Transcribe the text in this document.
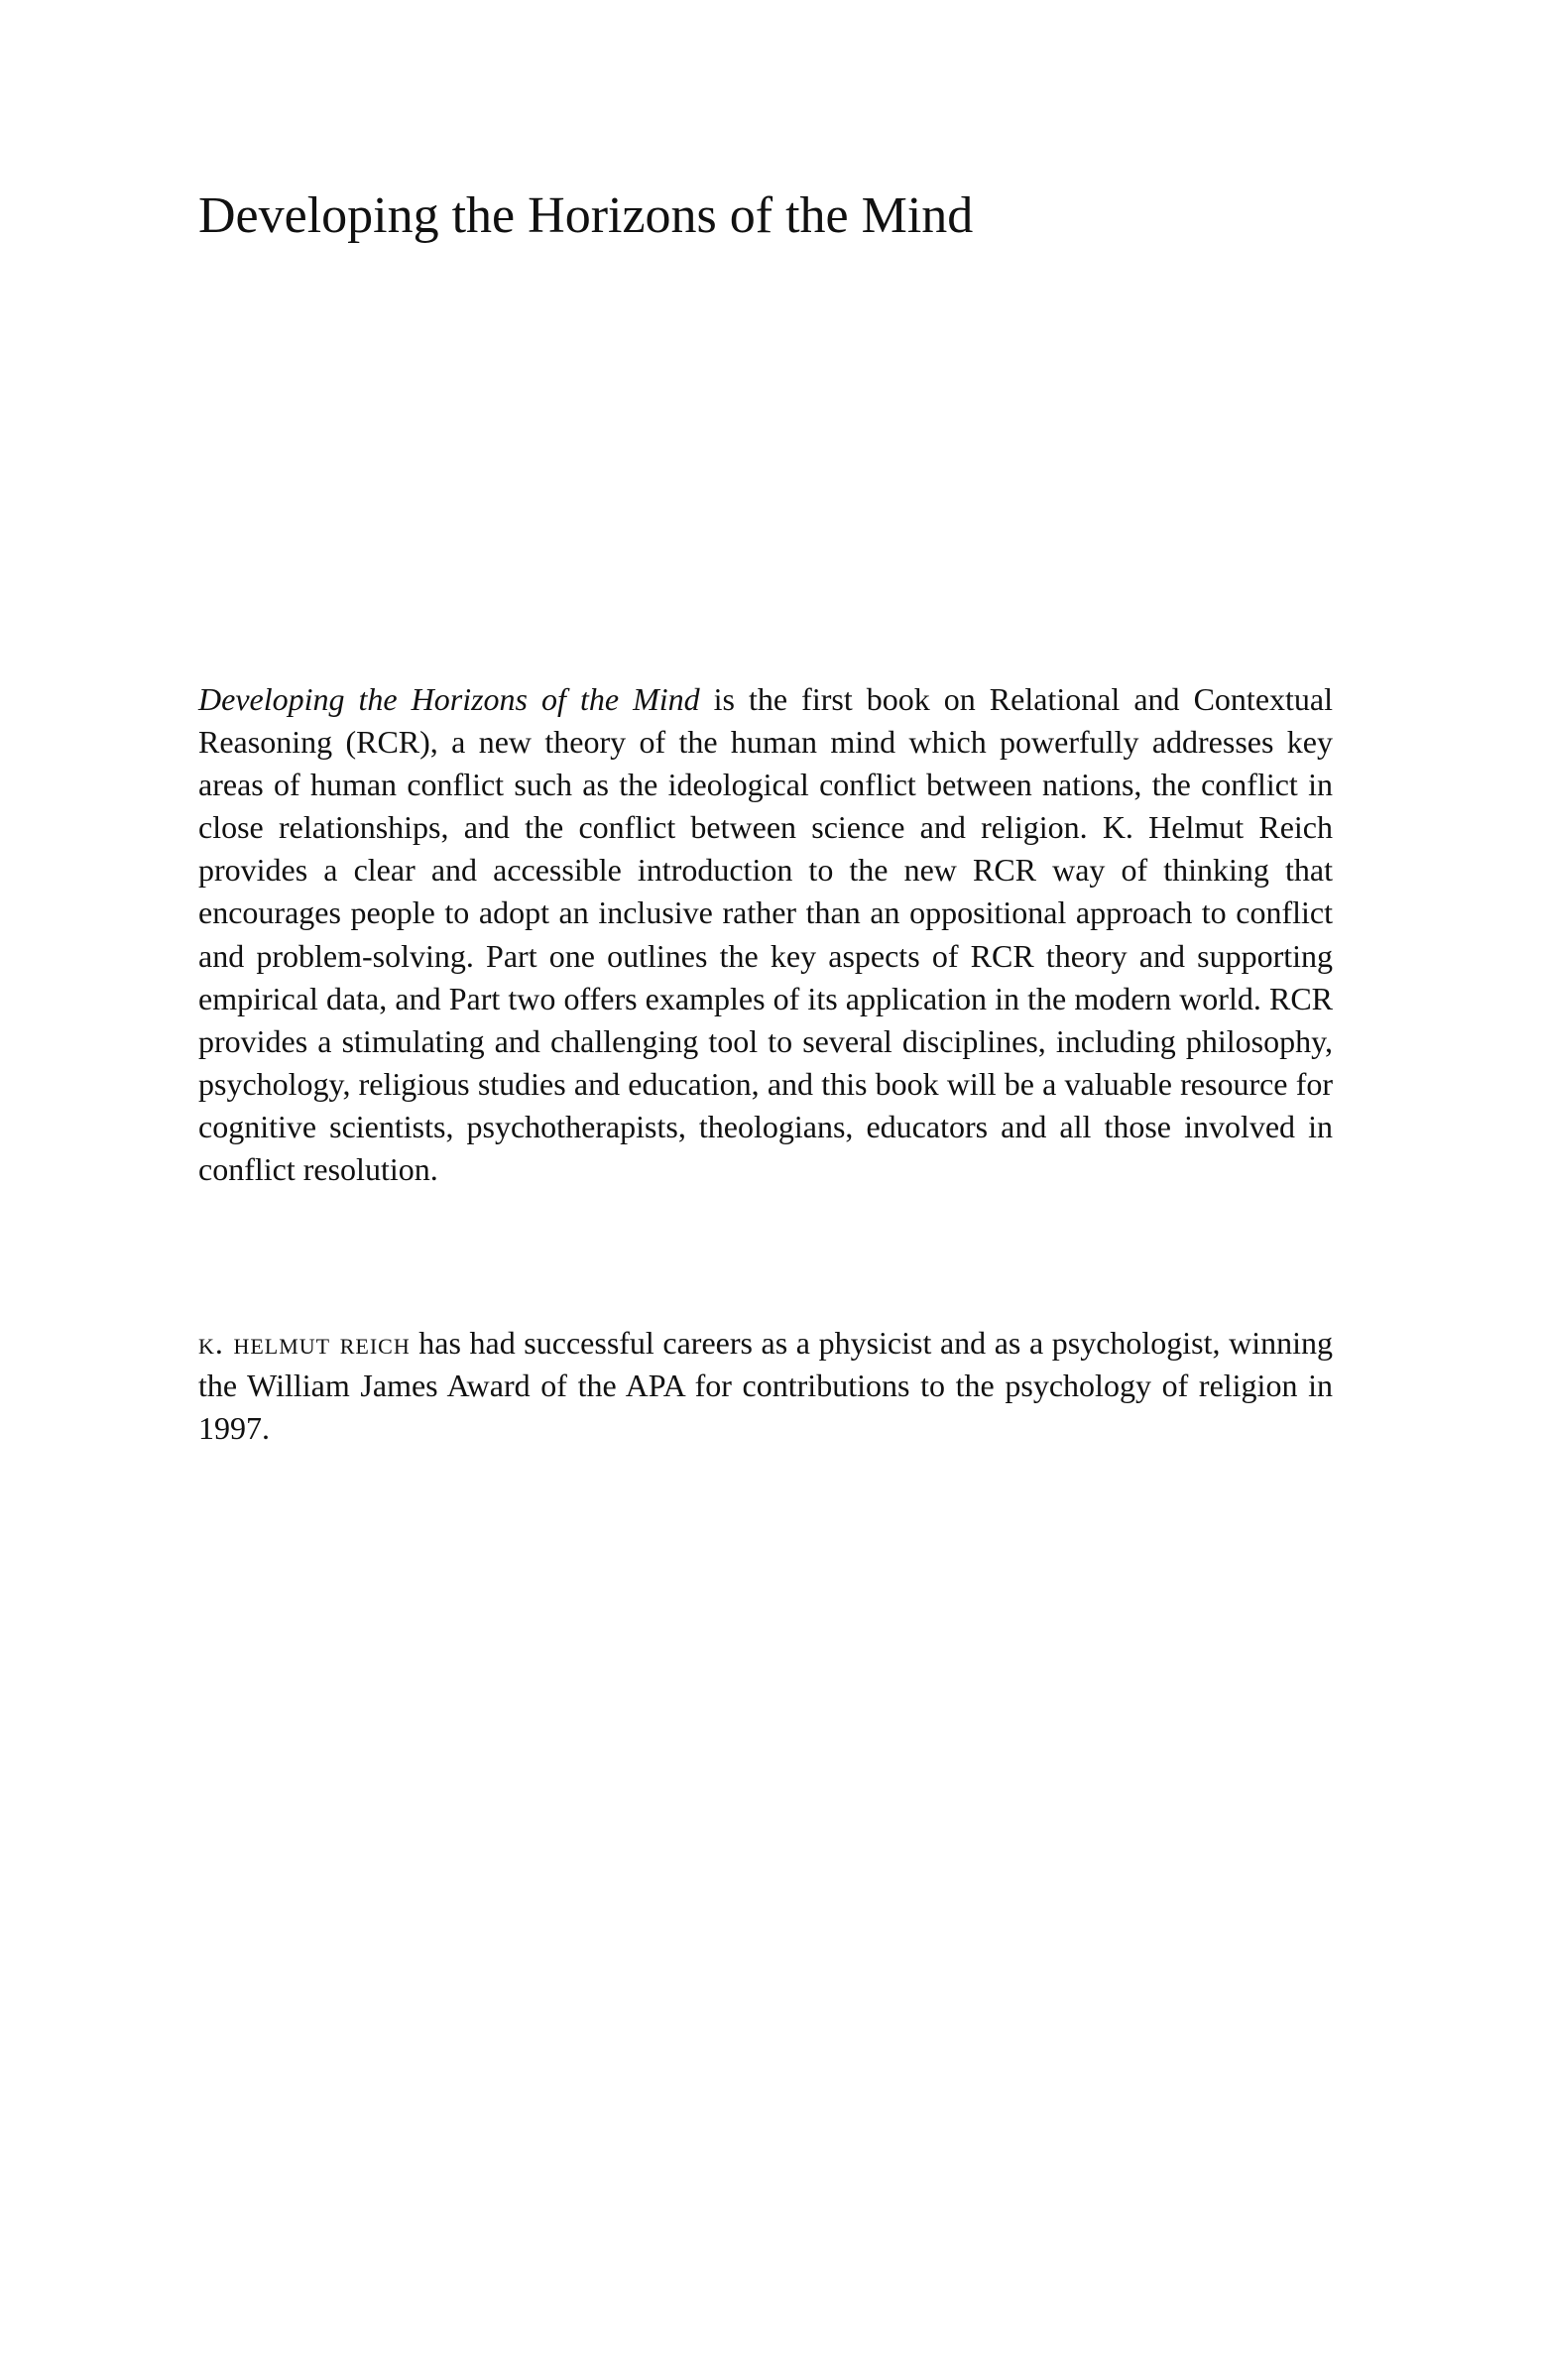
Developing the Horizons of the Mind

Developing the Horizons of the Mind is the first book on Relational and Contextual Reasoning (RCR), a new theory of the human mind which powerfully addresses key areas of human conflict such as the ideological conflict between nations, the conflict in close relationships, and the conflict between science and religion. K. Helmut Reich provides a clear and accessible introduction to the new RCR way of thinking that encourages people to adopt an inclusive rather than an oppositional approach to conflict and problem-solving. Part one outlines the key aspects of RCR theory and supporting empirical data, and Part two offers examples of its application in the modern world. RCR provides a stimulating and challenging tool to several disciplines, including philosophy, psychology, religious studies and education, and this book will be a valuable resource for cognitive scientists, psychotherapists, theologians, educators and all those involved in conflict resolution.

k. helmut reich has had successful careers as a physicist and as a psychologist, winning the William James Award of the APA for contributions to the psychology of religion in 1997.
